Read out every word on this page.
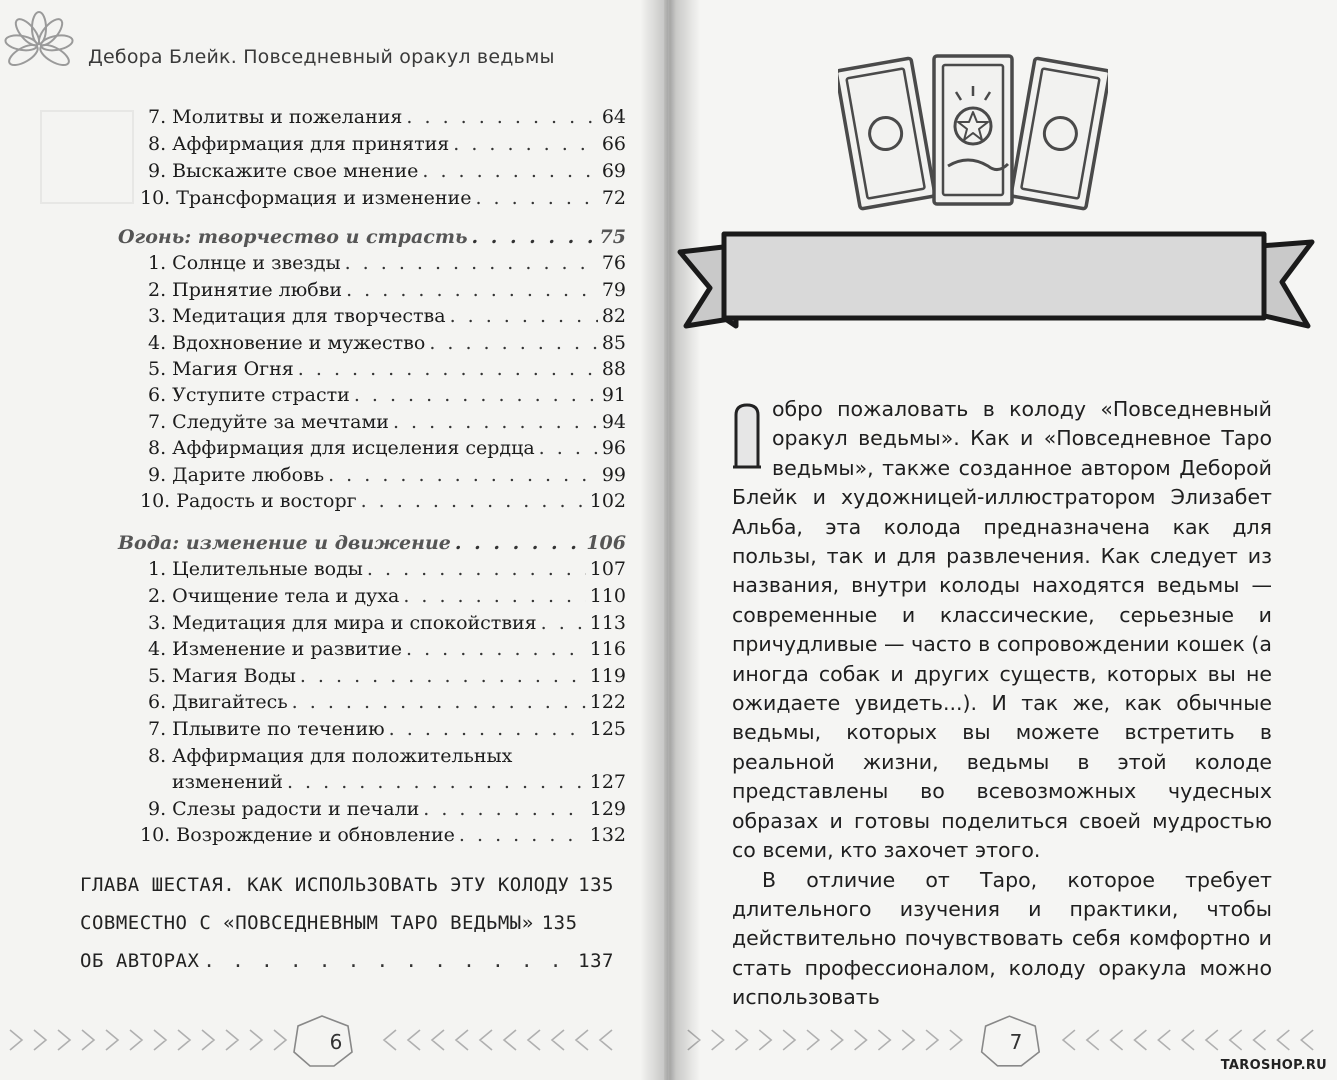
Дебора Блейк. Повседневный оракул ведьмы
7. Молитвы и пожелания . . .	64
8. Аффирмация для принятия . . .	66
9. Выскажите свое мнение . . .	69
10. Трансформация и изменение . . .	72
Огонь: творчество и страсть . . .	75
1. Солнце и звезды . . .	76
2. Принятие любви . . .	79
3. Медитация для творчества . . .	82
4. Вдохновение и мужество . . .	85
5. Магия Огня . . .	88
6. Уступите страсти . . .	91
7. Следуйте за мечтами . . .	94
8. Аффирмация для исцеления сердца . . .	96
9. Дарите любовь . . .	99
10. Радость и восторг . . .	102
Вода: изменение и движение . . .	106
1. Целительные воды . . .	107
2. Очищение тела и духа . . .	110
3. Медитация для мира и спокойствия . . .	113
4. Изменение и развитие . . .	116
5. Магия Воды . . .	119
6. Двигайтесь . . .	122
7. Плывите по течению . . .	125
8. Аффирмация для положительных
изменений . . .	127
9. Слезы радости и печали . . .	129
10. Возрождение и обновление . . .	132
ГЛАВА ШЕСТАЯ. КАК ИСПОЛЬЗОВАТЬ ЭТУ КОЛОДУ . . . 135
СОВМЕСТНО С «ПОВСЕДНЕВНЫМ ТАРО ВЕДЬМЫ» 135
ОБ АВТОРАХ . . .	137
6	7

обро пожаловать в колоду «Повседневный оракул ведьмы». Как и «Повседневное Таро ведьмы», также созданное автором Деборой Блейк и художницей-иллюстратором Элизабет Альба, эта колода предназначена как для пользы, так и для развлечения. Как следует из названия, внутри колоды находятся ведьмы — современные и классические, серьезные и причудливые — часто в сопровождении кошек (а иногда собак и других существ, которых вы не ожидаете увидеть...). И так же, как обычные ведьмы, которых вы можете встретить в реальной жизни, ведьмы в этой колоде представлены во всевозможных чудесных образах и готовы поделиться своей мудростью со всеми, кто захочет этого.

В отличие от Таро, которое требует длительного изучения и практики, чтобы действительно почувствовать себя комфортно и стать профессионалом, колоду оракула можно использовать

TAROSHOP.RU
